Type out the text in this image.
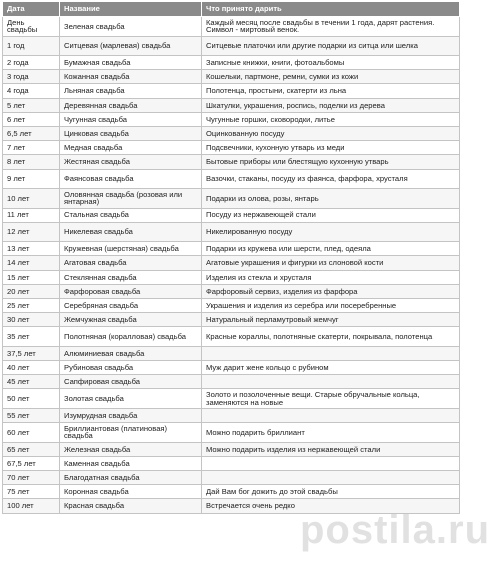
Дата	Название	Что принято дарить
День свадьбы	Зеленая свадьба	Каждый месяц после свадьбы в течении 1 года, дарят растения. Символ - миртовый венок.
1 год	Ситцевая (марлевая) свадьба	Ситцевые платочки или другие подарки из ситца или шелка
2 года	Бумажная свадьба	Записные книжки, книги, фотоальбомы
3 года	Кожанная свадьба	Кошельки, партмоне, ремни, сумки из кожи
4 года	Льняная свадьба	Полотенца, простыни, скатерти из льна
5 лет	Деревянная свадьба	Шкатулки, украшения, роспись, поделки из дерева
6 лет	Чугунная свадьба	Чугунные горшки, сковородки, литье
6,5 лет	Цинковая свадьба	Оцинкованную посуду
7 лет	Медная свадьба	Подсвечники, кухонную утварь из меди
8 лет	Жестяная свадьба	Бытовые приборы или блестящую кухонную утварь
9 лет	Фаянсовая свадьба	Вазочки, стаканы, посуду из фаянса, фарфора, хрусталя
10 лет	Оловянная свадьба (розовая или янтарная)	Подарки из олова, розы, янтарь
11 лет	Стальная свадьба	Посуду из нержавеющей стали
12 лет	Никелевая свадьба	Никелированную посуду
13 лет	Кружевная (шерстяная) свадьба	Подарки из кружева или шерсти, плед, одеяла
14 лет	Агатовая свадьба	Агатовые украшения и фигурки из слоновой кости
15 лет	Стеклянная свадьба	Изделия из стекла и хрусталя
20 лет	Фарфоровая свадьба	Фарфоровый сервиз, изделия из фарфора
25 лет	Серебряная свадьба	Украшения и изделия из серебра или посеребренные
30 лет	Жемчужная свадьба	Натуральный перламутровый жемчуг
35 лет	Полотняная (коралловая) свадьба	Красные кораллы, полотняные скатерти, покрывала, полотенца
37,5 лет	Алюминиевая свадьба	
40 лет	Рубиновая свадьба	Муж дарит жене кольцо с рубином
45 лет	Сапфировая свадьба	
50 лет	Золотая свадьба	Золото и позолоченные вещи. Старые обручальные кольца, заменяются на новые
55 лет	Изумрудная свадьба	
60 лет	Бриллиантовая (платиновая) свадьба	Можно подарить бриллиант
65 лет	Железная свадьба	Можно подарить изделия из нержавеющей стали
67,5 лет	Каменная свадьба	
70 лет	Благодатная свадьба	
75 лет	Коронная свадьба	Дай Вам бог дожить до этой свадьбы
100 лет	Красная свадьба	Встречается очень редко
postila.ru
